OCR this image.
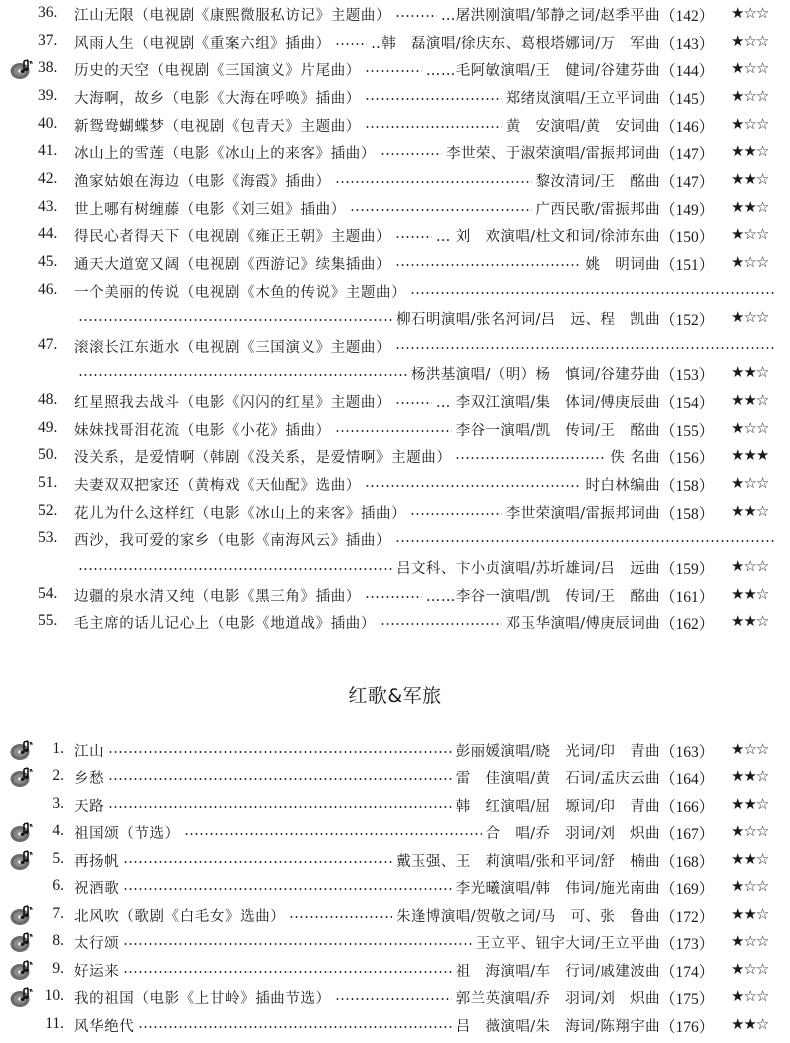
36.	江山无限（电视剧《康熙微服私访记》主题曲）	…屠洪刚演唱/邹静之词/赵季平曲 （142） ★☆☆
37.	风雨人生（电视剧《重案六组》插曲）	‥韩　磊演唱/徐庆东、葛根塔娜词/万　军曲 （143） ★☆☆
38.	历史的天空（电视剧《三国演义》片尾曲）	……毛阿敏演唱/王　健词/谷建芬曲 （144） ★☆☆
39.	大海啊，故乡（电影《大海在呼唤》插曲）	郑绪岚演唱/王立平词曲 （145） ★☆☆
40.	新鸳鸯蝴蝶梦（电视剧《包青天》主题曲）	黄　安演唱/黄　安词曲 （146） ★☆☆
41.	冰山上的雪莲（电影《冰山上的来客》插曲）	李世荣、于淑荣演唱/雷振邦词曲 （147） ★★☆
42.	渔家姑娘在海边（电影《海霞》插曲）	黎汝清词/王　酩曲 （147） ★★☆
43.	世上哪有树缠藤（电影《刘三姐》插曲）	广西民歌/雷振邦曲 （149） ★★☆
44.	得民心者得天下（电视剧《雍正王朝》主题曲）	… 刘　欢演唱/杜文和词/徐沛东曲 （150） ★☆☆
45.	通天大道宽又阔（电视剧《西游记》续集插曲）	姚　明词曲 （151） ★☆☆
46.	一个美丽的传说（电视剧《木鱼的传说》主题曲）
柳石明演唱/张名河词/吕　远、程　凯曲 （152） ★☆☆
47.	滚滚长江东逝水（电视剧《三国演义》主题曲）
杨洪基演唱/（明）杨　慎词/谷建芬曲 （153） ★★☆
48.	红星照我去战斗（电影《闪闪的红星》主题曲）	… 李双江演唱/集　体词/傅庚辰曲 （154） ★★☆
49.	妹妹找哥泪花流（电影《小花》插曲）	李谷一演唱/凯　传词/王　酩曲 （155） ★☆☆
50.	没关系，是爱情啊（韩剧《没关系，是爱情啊》主题曲）	佚 名曲 （156） ★★★
51.	夫妻双双把家还（黄梅戏《天仙配》选曲）	时白林编曲 （158） ★☆☆
52.	花儿为什么这样红（电影《冰山上的来客》插曲）	李世荣演唱/雷振邦词曲 （158） ★★☆
53.	西沙，我可爱的家乡（电影《南海风云》插曲）
吕文科、卞小贞演唱/苏圻雄词/吕　远曲 （159） ★☆☆
54.	边疆的泉水清又纯（电影《黑三角》插曲）	……李谷一演唱/凯　传词/王　酩曲 （161） ★★☆
55.	毛主席的话儿记心上（电影《地道战》插曲）	邓玉华演唱/傅庚辰词曲 （162） ★★☆
红歌&军旅
1. 江山	彭丽媛演唱/晓　光词/印　青曲 （163） ★☆☆
2. 乡愁	雷　佳演唱/黄　石词/孟庆云曲 （164） ★★☆
3. 天路	韩　红演唱/屈　塬词/印　青曲 （166） ★★☆
4. 祖国颂（节选）	合　唱/乔　羽词/刘　炽曲 （167） ★☆☆
5. 再扬帆	戴玉强、王　莉演唱/张和平词/舒　楠曲 （168） ★★☆
6. 祝酒歌	李光曦演唱/韩　伟词/施光南曲 （169） ★☆☆
7. 北风吹（歌剧《白毛女》选曲）	朱逢博演唱/贺敬之词/马　可、张　鲁曲 （172） ★★☆
8. 太行颂	王立平、钮宇大词/王立平曲 （173） ★☆☆
9. 好运来	祖　海演唱/车　行词/戚建波曲 （174） ★☆☆
10. 我的祖国（电影《上甘岭》插曲节选）	郭兰英演唱/乔　羽词/刘　炽曲 （175） ★☆☆
11. 风华绝代	吕　薇演唱/朱　海词/陈翔宇曲 （176） ★★☆
